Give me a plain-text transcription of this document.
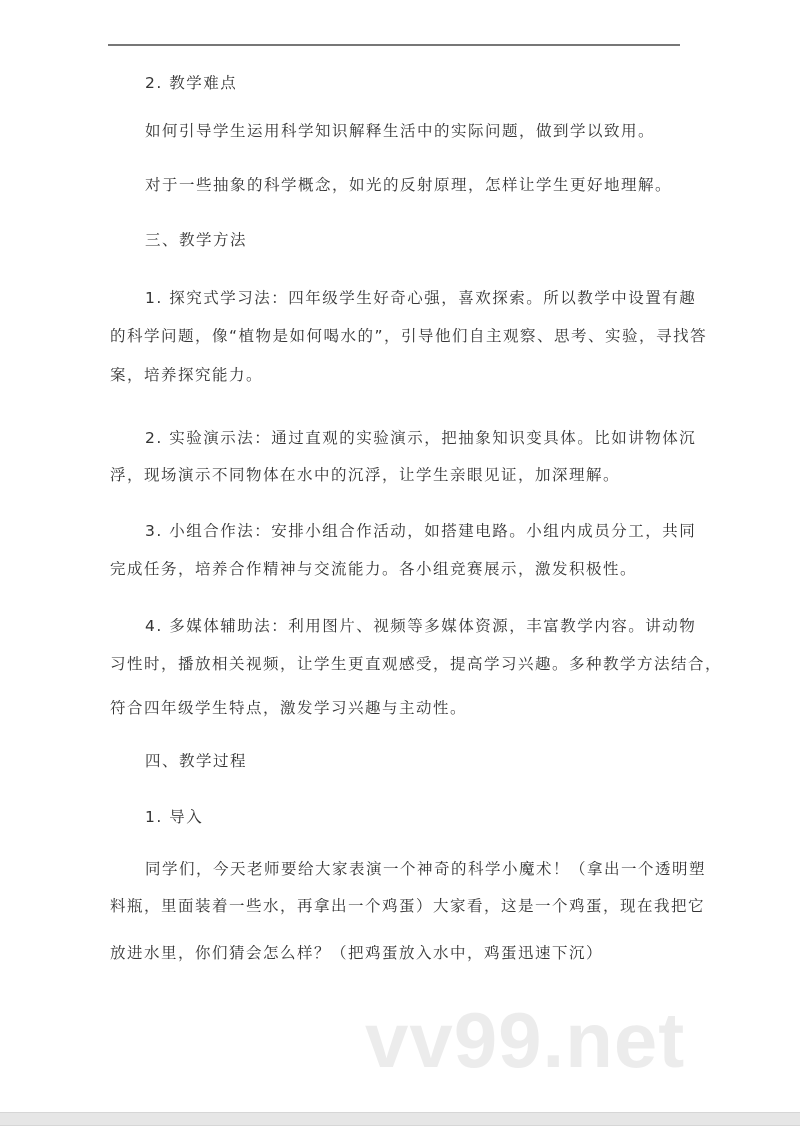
2. 教学难点
如何引导学生运用科学知识解释生活中的实际问题，做到学以致用。
对于一些抽象的科学概念，如光的反射原理，怎样让学生更好地理解。
三、教学方法
1. 探究式学习法：四年级学生好奇心强，喜欢探索。所以教学中设置有趣
的科学问题，像“植物是如何喝水的”，引导他们自主观察、思考、实验，寻找答
案，培养探究能力。
2. 实验演示法：通过直观的实验演示，把抽象知识变具体。比如讲物体沉
浮，现场演示不同物体在水中的沉浮，让学生亲眼见证，加深理解。
3. 小组合作法：安排小组合作活动，如搭建电路。小组内成员分工，共同
完成任务，培养合作精神与交流能力。各小组竞赛展示，激发积极性。
4. 多媒体辅助法：利用图片、视频等多媒体资源，丰富教学内容。讲动物
习性时，播放相关视频，让学生更直观感受，提高学习兴趣。多种教学方法结合，
符合四年级学生特点，激发学习兴趣与主动性。
四、教学过程
1. 导入
同学们，今天老师要给大家表演一个神奇的科学小魔术！（拿出一个透明塑
料瓶，里面装着一些水，再拿出一个鸡蛋）大家看，这是一个鸡蛋，现在我把它
放进水里，你们猜会怎么样？（把鸡蛋放入水中，鸡蛋迅速下沉）
vv99.net
